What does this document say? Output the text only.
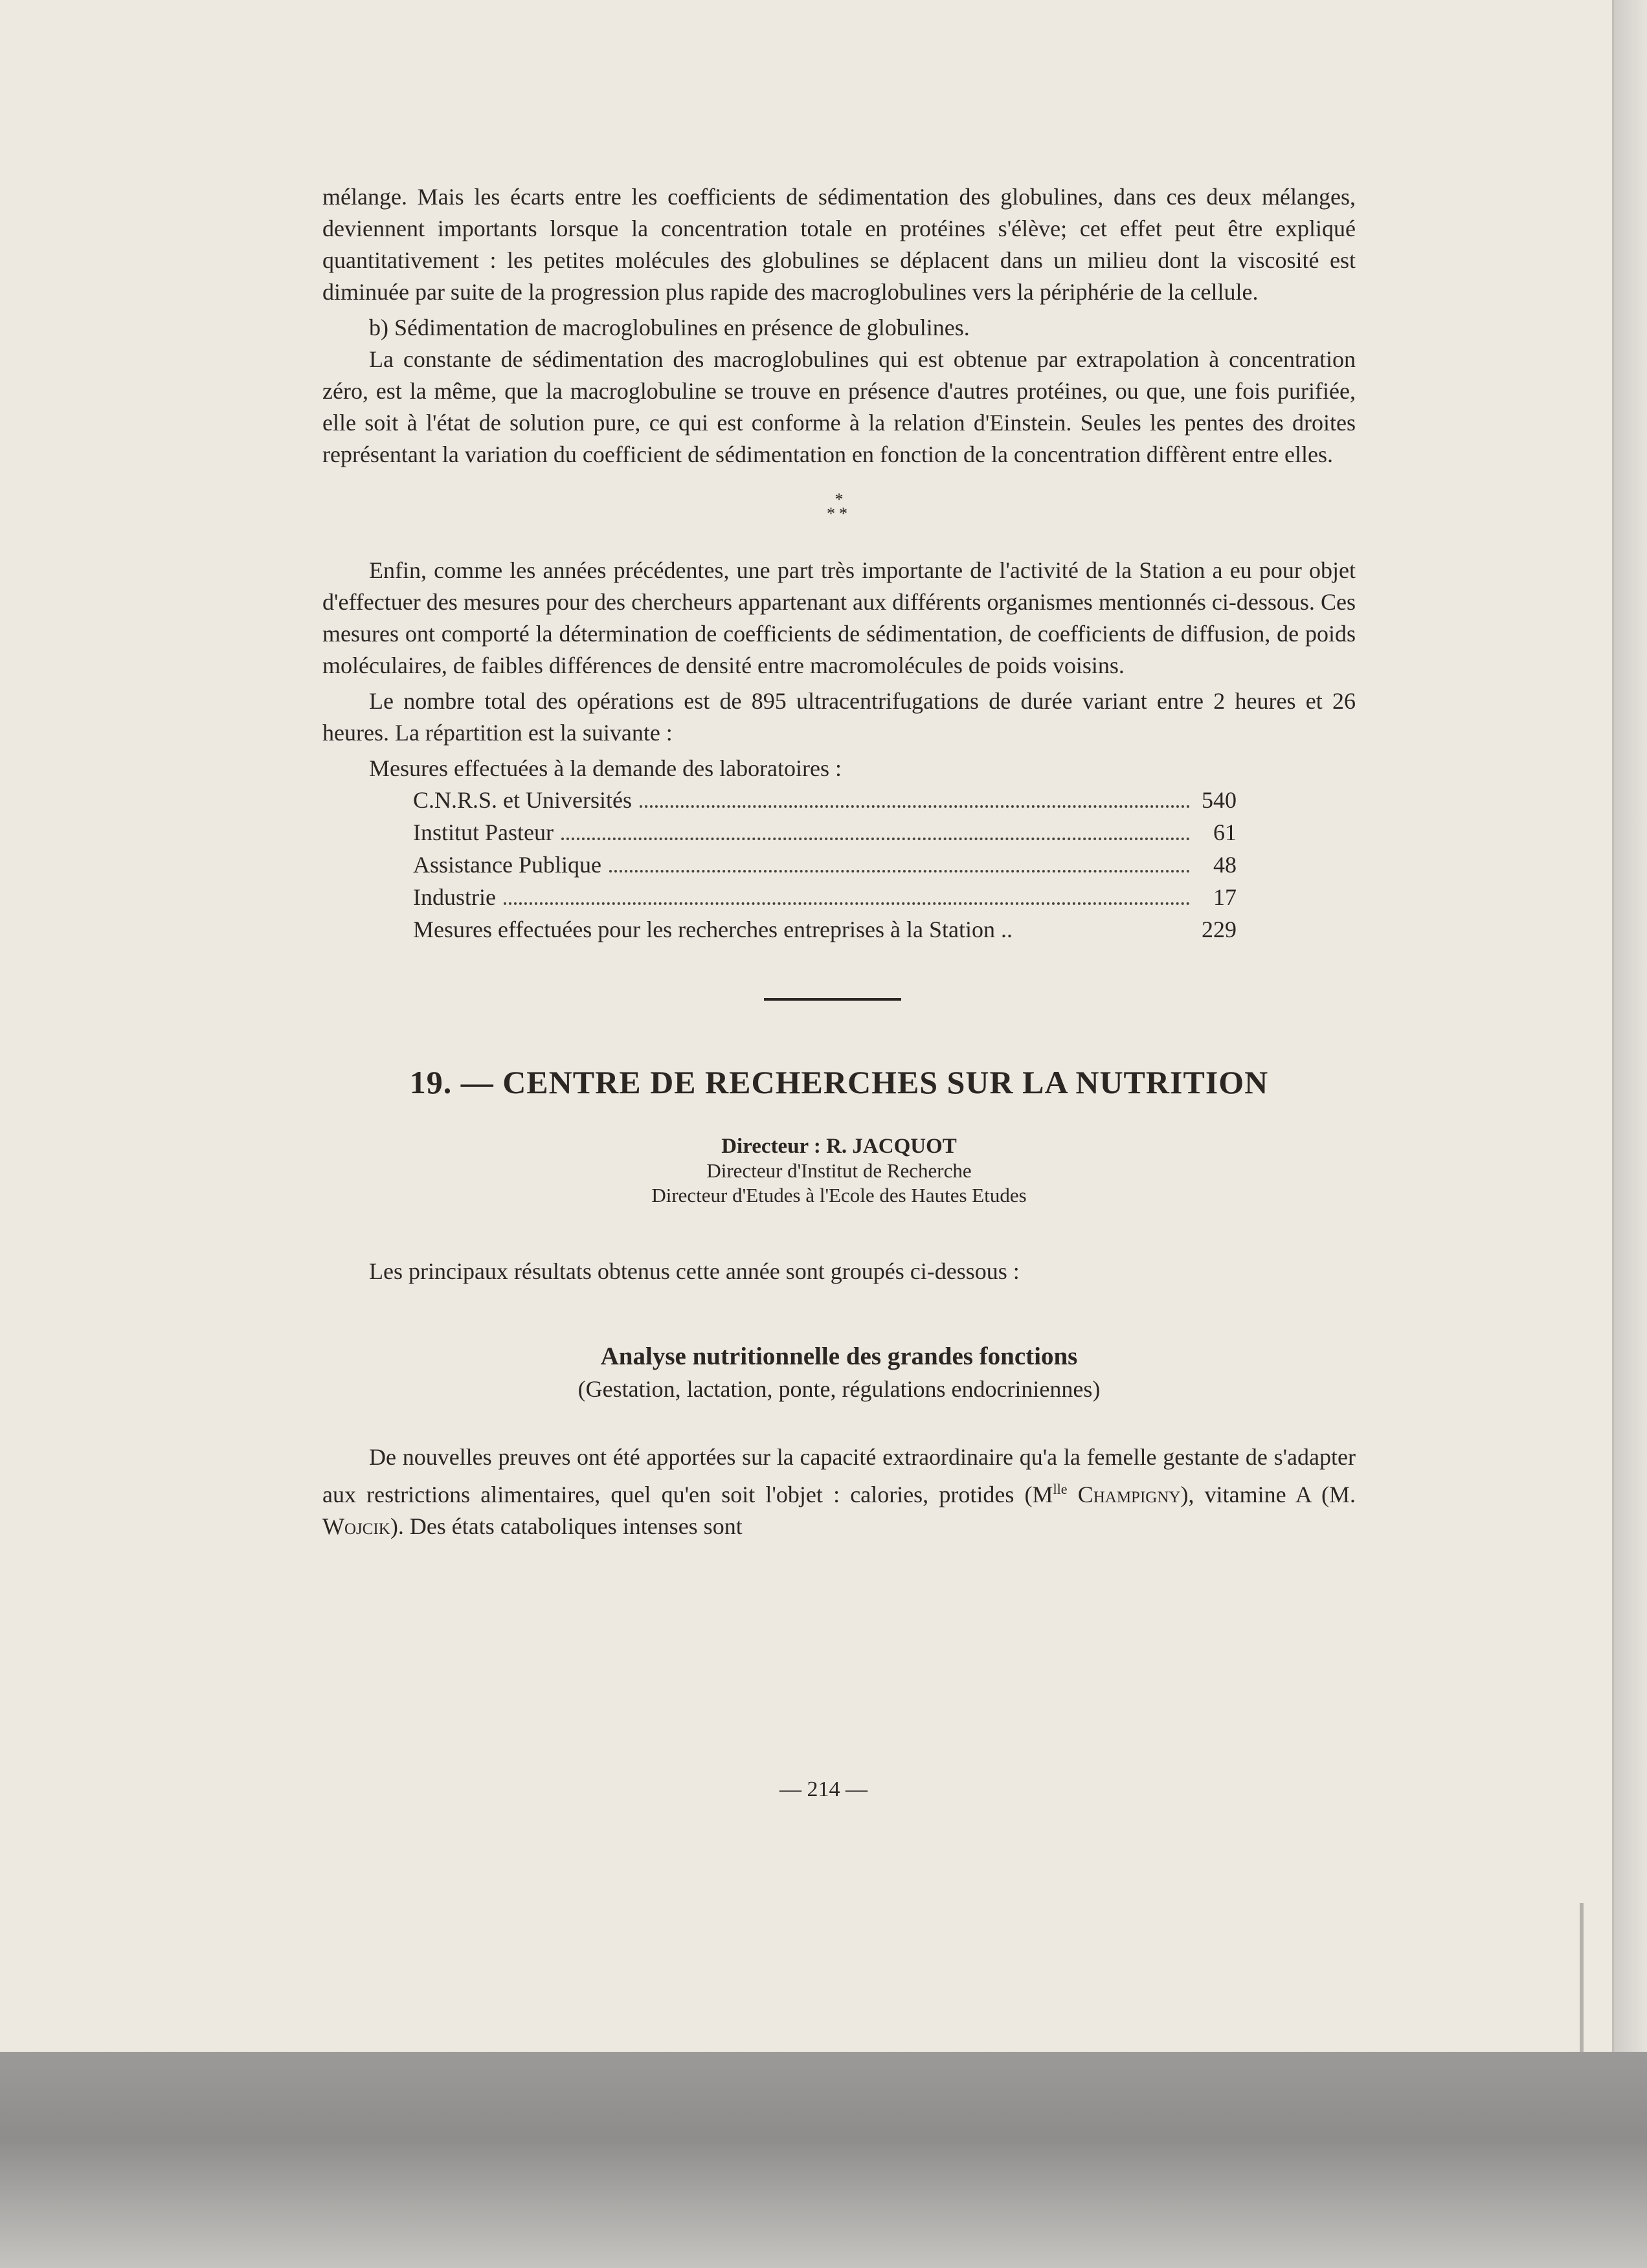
mélange. Mais les écarts entre les coefficients de sédimentation des globulines, dans ces deux mélanges, deviennent importants lorsque la concentration totale en protéines s'élève; cet effet peut être expliqué quantitativement : les petites molécules des globulines se déplacent dans un milieu dont la viscosité est diminuée par suite de la progression plus rapide des macroglobulines vers la périphérie de la cellule.

b) Sédimentation de macroglobulines en présence de globulines.

La constante de sédimentation des macroglobulines qui est obtenue par extrapolation à concentration zéro, est la même, que la macroglobuline se trouve en présence d'autres protéines, ou que, une fois purifiée, elle soit à l'état de solution pure, ce qui est conforme à la relation d'Einstein. Seules les pentes des droites représentant la variation du coefficient de sédimentation en fonction de la concentration diffèrent entre elles.

*
**

Enfin, comme les années précédentes, une part très importante de l'activité de la Station a eu pour objet d'effectuer des mesures pour des chercheurs appartenant aux différents organismes mentionnés ci-dessous. Ces mesures ont comporté la détermination de coefficients de sédimentation, de coefficients de diffusion, de poids moléculaires, de faibles différences de densité entre macromolécules de poids voisins.

Le nombre total des opérations est de 895 ultracentrifugations de durée variant entre 2 heures et 26 heures. La répartition est la suivante :

Mesures effectuées à la demande des laboratoires :

C.N.R.S. et Universités	540
Institut Pasteur	61
Assistance Publique	48
Industrie	17
Mesures effectuées pour les recherches entreprises à la Station ..	229
19. — CENTRE DE RECHERCHES SUR LA NUTRITION
Directeur : R. JACQUOT
Directeur d'Institut de Recherche
Directeur d'Etudes à l'Ecole des Hautes Etudes

Les principaux résultats obtenus cette année sont groupés ci-dessous :

Analyse nutritionnelle des grandes fonctions
(Gestation, lactation, ponte, régulations endocriniennes)

De nouvelles preuves ont été apportées sur la capacité extraordinaire qu'a la femelle gestante de s'adapter aux restrictions alimentaires, quel qu'en soit l'objet : calories, protides ($M^{lle}$ Champigny), vitamine A (M. Wojcik). Des états cataboliques intenses sont

— 214 —
